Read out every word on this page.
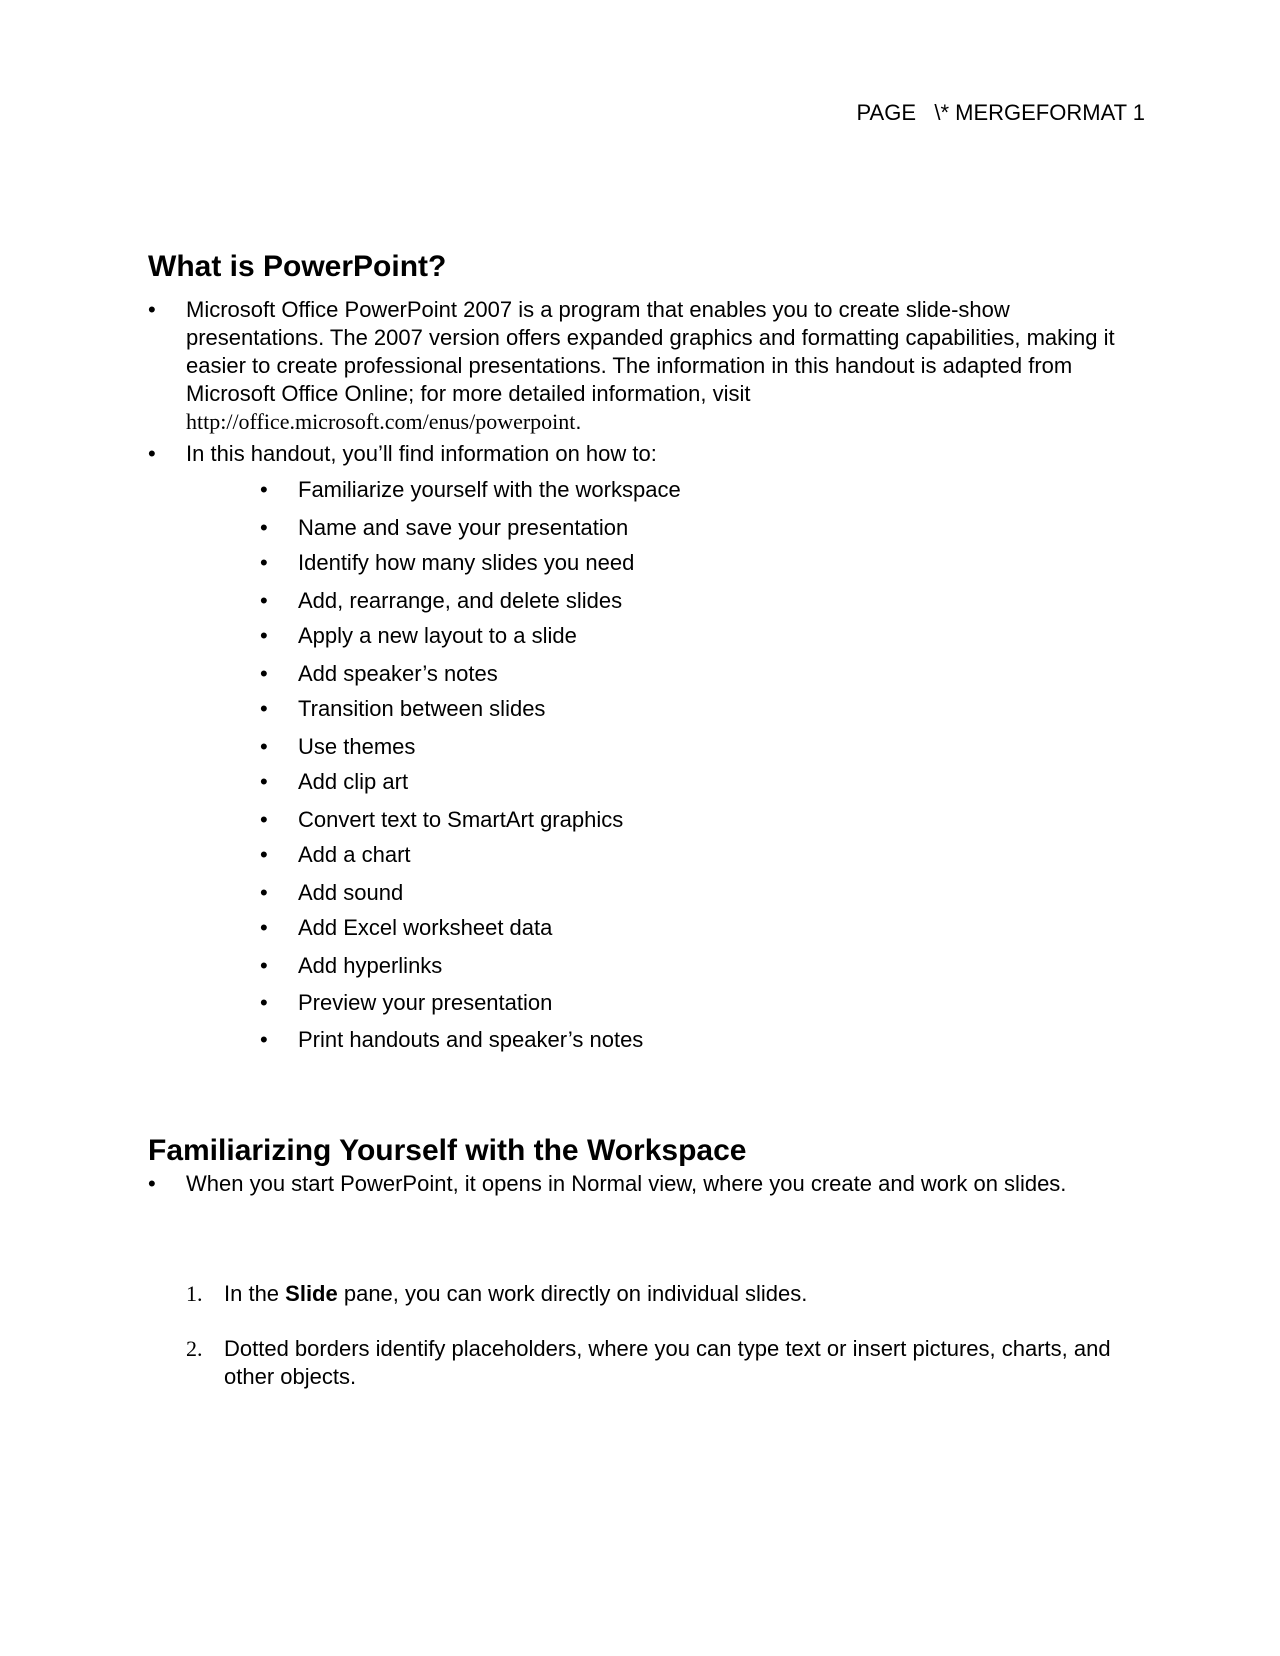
PAGE   \* MERGEFORMAT 1
What is PowerPoint?
•	Microsoft Office PowerPoint 2007 is a program that enables you to create slide-show presentations. The 2007 version offers expanded graphics and formatting capabilities, making it easier to create professional presentations. The information in this handout is adapted from Microsoft Office Online; for more detailed information, visit http://office.microsoft.com/enus/powerpoint.
•	In this handout, you’ll find information on how to:
• Familiarize yourself with the workspace
• Name and save your presentation
• Identify how many slides you need
• Add, rearrange, and delete slides
• Apply a new layout to a slide
• Add speaker’s notes
• Transition between slides
• Use themes
• Add clip art
• Convert text to SmartArt graphics
• Add a chart
• Add sound
• Add Excel worksheet data
• Add hyperlinks
• Preview your presentation
• Print handouts and speaker’s notes
Familiarizing Yourself with the Workspace
•	When you start PowerPoint, it opens in Normal view, where you create and work on slides.
1. In the Slide pane, you can work directly on individual slides.
2. Dotted borders identify placeholders, where you can type text or insert pictures, charts, and other objects.
